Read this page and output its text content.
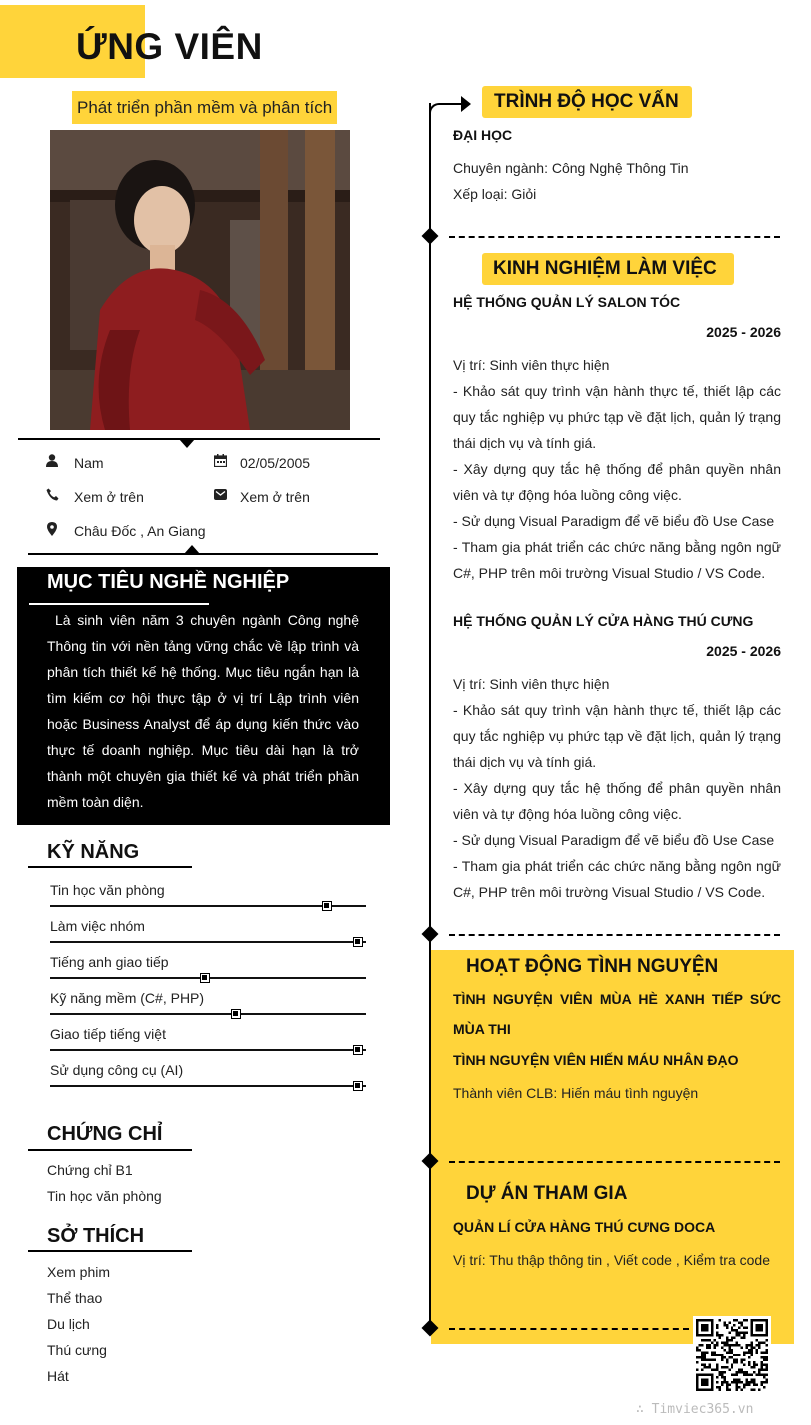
ỨNG VIÊN
Phát triển phần mềm và phân tích
Nam	02/05/2005
Xem ở trên	Xem ở trên
Châu Đốc , An Giang
MỤC TIÊU NGHỀ NGHIỆP
Là sinh viên năm 3 chuyên ngành Công nghệ Thông tin với nền tảng vững chắc về lập trình và phân tích thiết kế hệ thống. Mục tiêu ngắn hạn là tìm kiếm cơ hội thực tập ở vị trí Lập trình viên hoặc Business Analyst để áp dụng kiến thức vào thực tế doanh nghiệp. Mục tiêu dài hạn là trở thành một chuyên gia thiết kế và phát triển phần mềm toàn diện.
KỸ NĂNG
Tin học văn phòng
Làm việc nhóm
Tiếng anh giao tiếp
Kỹ năng mềm (C#, PHP)
Giao tiếp tiếng việt
Sử dụng công cụ (AI)
CHỨNG CHỈ
Chứng chỉ B1
Tin học văn phòng
SỞ THÍCH
Xem phim
Thể thao
Du lịch
Thú cưng
Hát
TRÌNH ĐỘ HỌC VẤN
ĐẠI HỌC
Chuyên ngành: Công Nghệ Thông Tin
Xếp loại: Giỏi
KINH NGHIỆM LÀM VIỆC
HỆ THỐNG QUẢN LÝ SALON TÓC
2025 - 2026
Vị trí: Sinh viên thực hiện
- Khảo sát quy trình vận hành thực tế, thiết lập các quy tắc nghiệp vụ phức tạp về đặt lịch, quản lý trạng thái dịch vụ và tính giá.
- Xây dựng quy tắc hệ thống để phân quyền nhân viên và tự động hóa luồng công việc.
- Sử dụng Visual Paradigm để vẽ biểu đồ Use Case
- Tham gia phát triển các chức năng bằng ngôn ngữ C#, PHP trên môi trường Visual Studio / VS Code.
HỆ THỐNG QUẢN LÝ CỬA HÀNG THÚ CƯNG
2025 - 2026
Vị trí: Sinh viên thực hiện
- Khảo sát quy trình vận hành thực tế, thiết lập các quy tắc nghiệp vụ phức tạp về đặt lịch, quản lý trạng thái dịch vụ và tính giá.
- Xây dựng quy tắc hệ thống để phân quyền nhân viên và tự động hóa luồng công việc.
- Sử dụng Visual Paradigm để vẽ biểu đồ Use Case
- Tham gia phát triển các chức năng bằng ngôn ngữ C#, PHP trên môi trường Visual Studio / VS Code.
HOẠT ĐỘNG TÌNH NGUYỆN
TÌNH NGUYỆN VIÊN MÙA HÈ XANH TIẾP SỨC MÙA THI
TÌNH NGUYỆN VIÊN HIẾN MÁU NHÂN ĐẠO
Thành viên CLB: Hiến máu tình nguyện
DỰ ÁN THAM GIA
QUẢN LÍ CỬA HÀNG THÚ CƯNG DOCA
Vị trí: Thu thập thông tin , Viết code , Kiểm tra code
∴ Timviec365.vn
